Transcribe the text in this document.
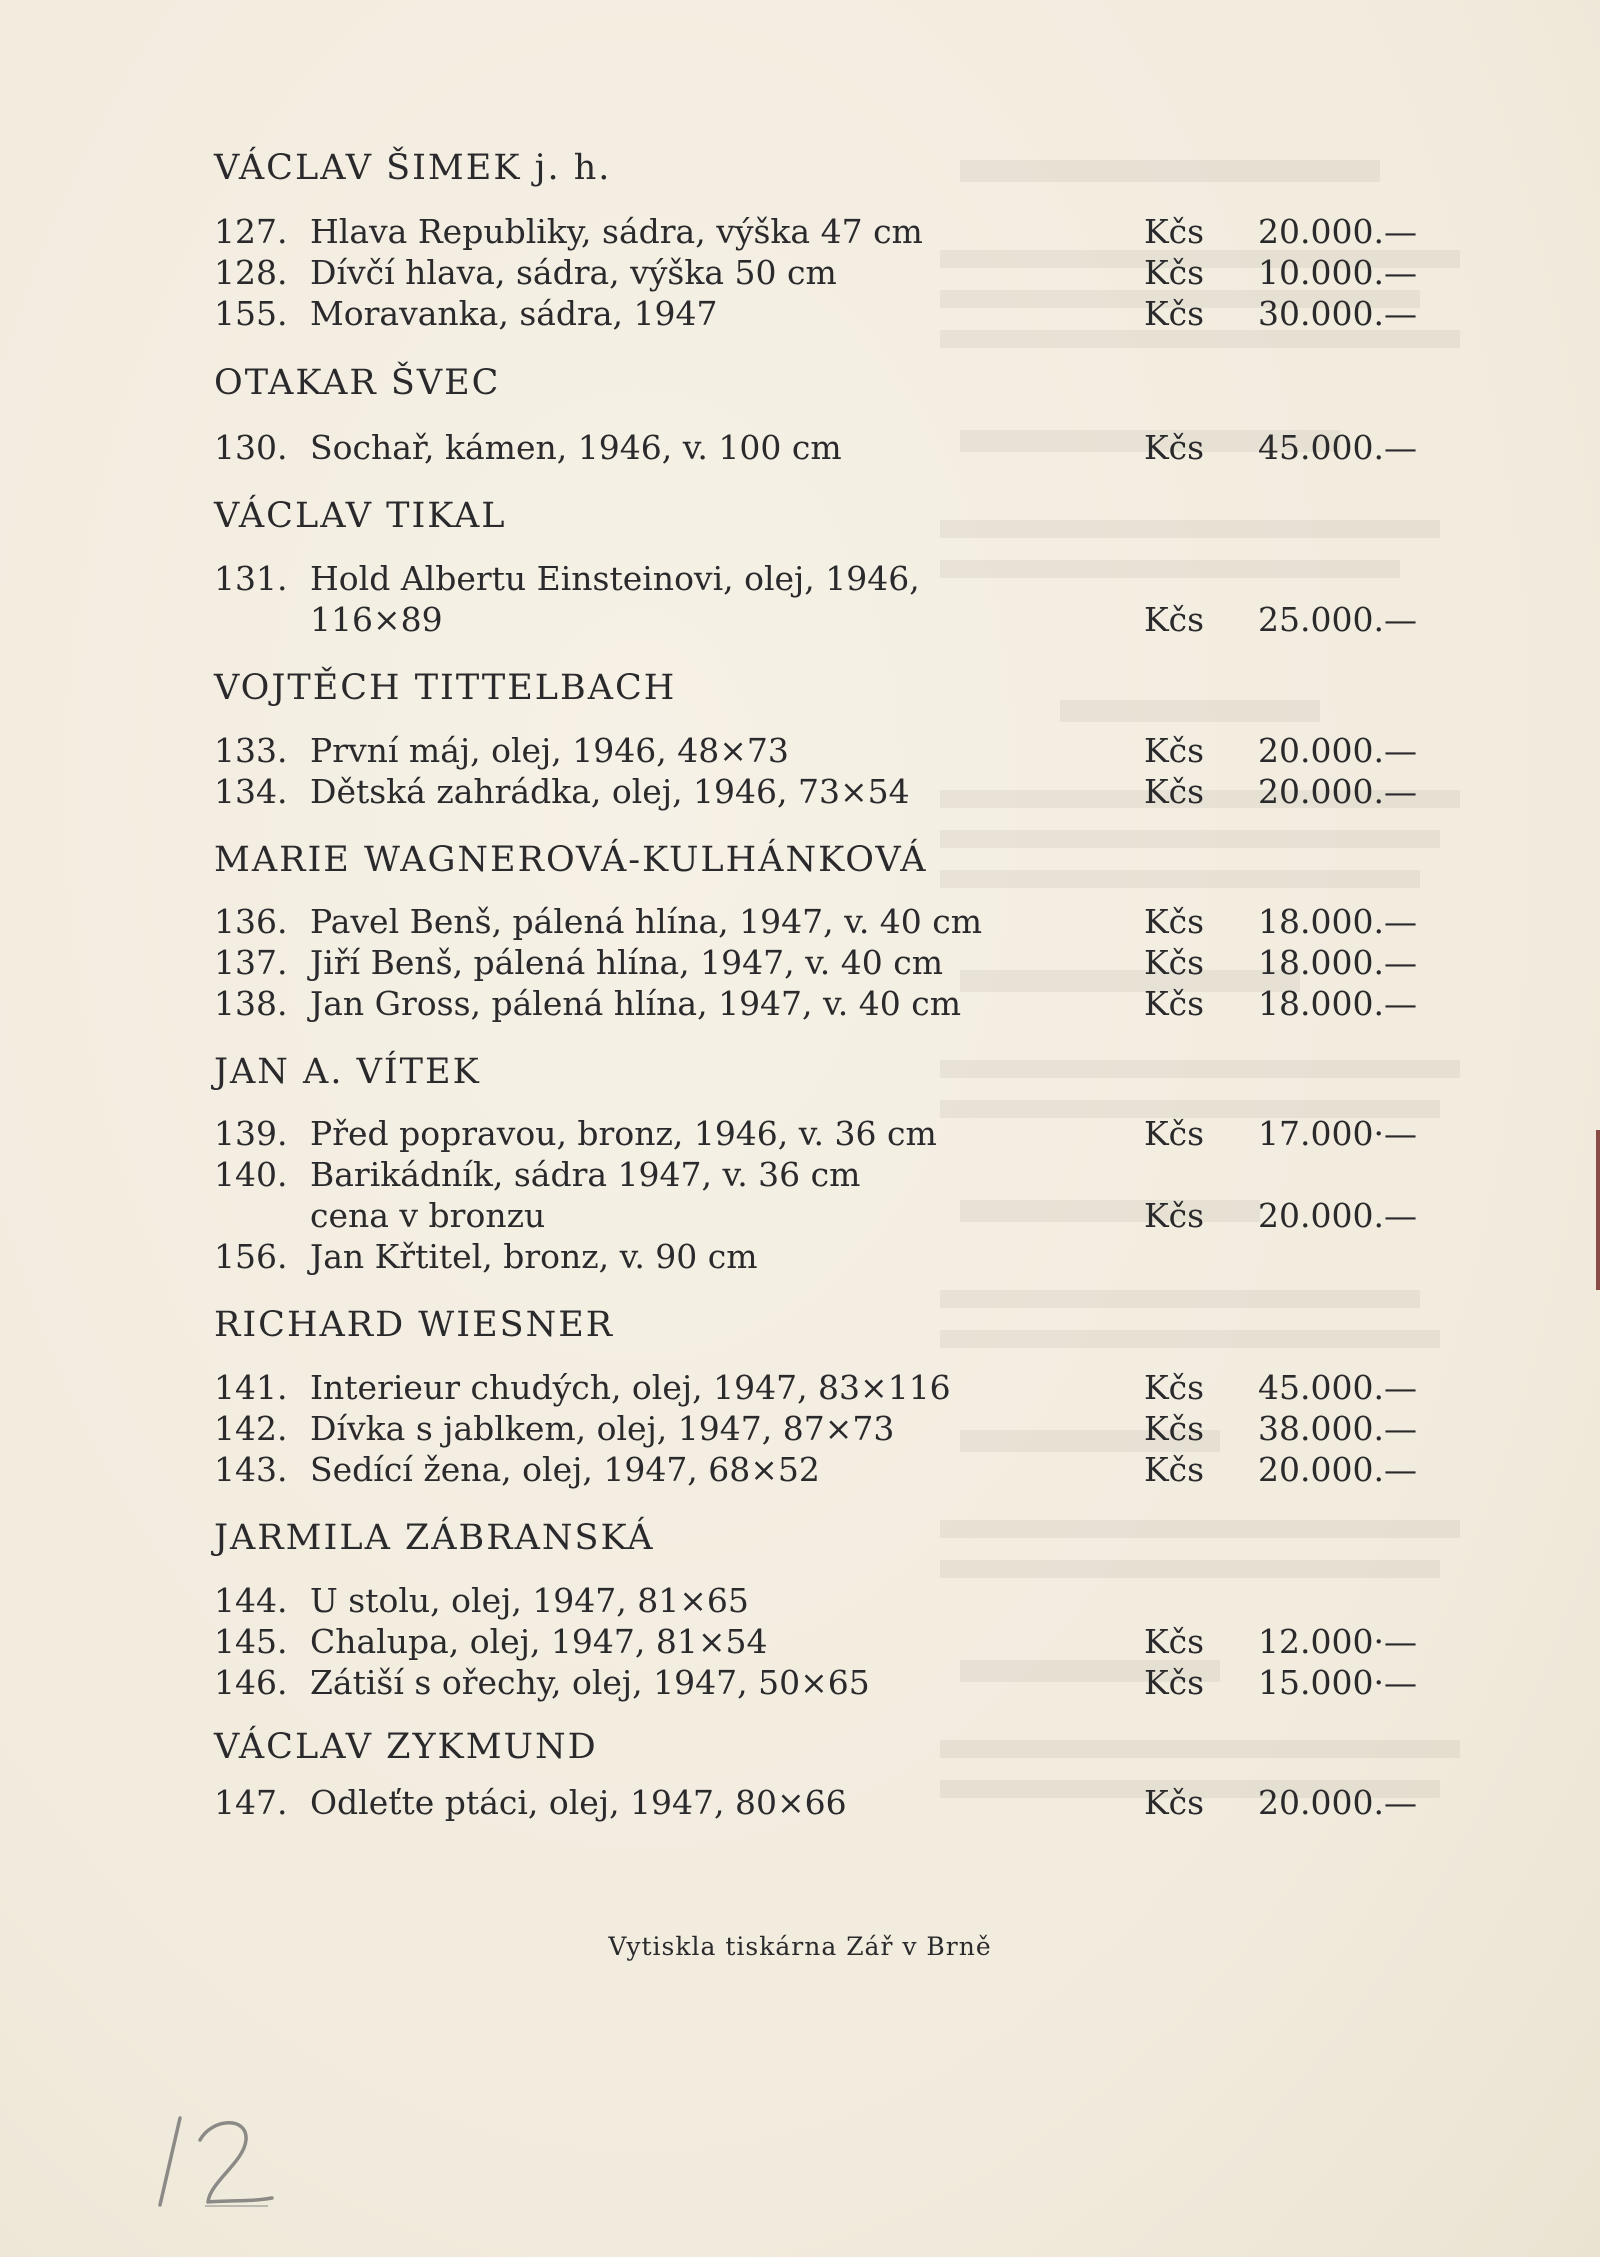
VÁCLAV ŠIMEK j. h.
127. Hlava Republiky, sádra, výška 47 cm	Kčs 20.000.—
128. Dívčí hlava, sádra, výška 50 cm	Kčs 10.000.—
155. Moravanka, sádra, 1947	Kčs 30.000.—
OTAKAR ŠVEC
130. Sochař, kámen, 1946, v. 100 cm	Kčs 45.000.—
VÁCLAV TIKAL
131. Hold Albertu Einsteinovi, olej, 1946,
116×89	Kčs 25.000.—
VOJTĚCH TITTELBACH
133. První máj, olej, 1946, 48×73	Kčs 20.000.—
134. Dětská zahrádka, olej, 1946, 73×54	Kčs 20.000.—
MARIE WAGNEROVÁ-KULHÁNKOVÁ
136. Pavel Benš, pálená hlína, 1947, v. 40 cm	Kčs 18.000.—
137. Jiří Benš, pálená hlína, 1947, v. 40 cm	Kčs 18.000.—
138. Jan Gross, pálená hlína, 1947, v. 40 cm	Kčs 18.000.—
JAN A. VÍTEK
139. Před popravou, bronz, 1946, v. 36 cm	Kčs 17.000·—
140. Barikádník, sádra 1947, v. 36 cm
cena v bronzu	Kčs 20.000.—
156. Jan Křtitel, bronz, v. 90 cm
RICHARD WIESNER
141. Interieur chudých, olej, 1947, 83×116	Kčs 45.000.—
142. Dívka s jablkem, olej, 1947, 87×73	Kčs 38.000.—
143. Sedící žena, olej, 1947, 68×52	Kčs 20.000.—
JARMILA ZÁBRANSKÁ
144. U stolu, olej, 1947, 81×65
145. Chalupa, olej, 1947, 81×54	Kčs 12.000·—
146. Zátiší s ořechy, olej, 1947, 50×65	Kčs 15.000·—
VÁCLAV ZYKMUND
147. Odleťte ptáci, olej, 1947, 80×66	Kčs 20.000.—
Vytiskla tiskárna Zář v Brně
